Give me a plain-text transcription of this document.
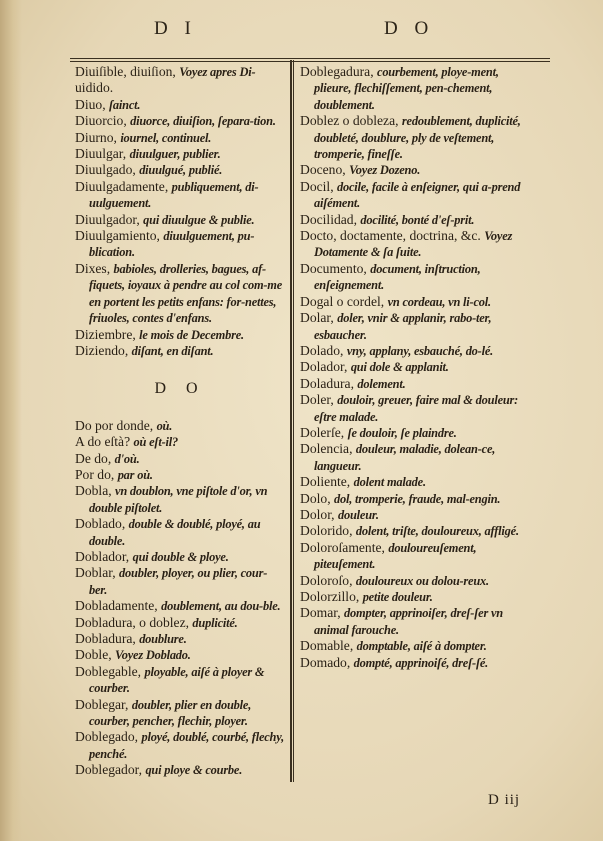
D I	D O

Diuiſible, diuiſion, Voyez apres Di-

uidido.

Diuo, ſainct.

Diuorcio, diuorce, diuiſion, ſepara-tion.

Diurno, iournel, continuel.

Diuulgar, diuulguer, publier.

Diuulgado, diuulgué, publié.

Diuulgadamente, publiquement, di-uulguement.

Diuulgador, qui diuulgue & publie.

Diuulgamiento, diuulguement, pu-blication.

Dixes, babioles, drolleries, bagues, af-fiquets, ioyaux à pendre au col com-me en portent les petits enfans: for-nettes, friuoles, contes d'enfans.

Diziembre, le mois de Decembre.

Diziendo, diſant, en diſant.

D O

Do por donde, où.

A do eſtà? où eſt-il?

De do, d'où.

Por do, par où.

Dobla, vn doublon, vne piſtole d'or, vn double piſtolet.

Doblado, double & doublé, ployé, au double.

Doblador, qui double & ploye.

Doblar, doubler, ployer, ou plier, cour-ber.

Dobladamente, doublement, au dou-ble.

Dobladura, o doblez, duplicité.

Dobladura, doublure.

Doble, Voyez Doblado.

Doblegable, ployable, aiſé à ployer & courber.

Doblegar, doubler, plier en double, courber, pencher, flechir, ployer.

Doblegado, ployé, doublé, courbé, flechy, penché.

Doblegador, qui ploye & courbe.

Doblegadura, courbement, ploye-ment, plieure, flechiſſement, pen-chement, doublement.

Doblez o dobleza, redoublement, duplicité, doubleté, doublure, ply de veſtement, tromperie, fineſſe.

Doceno, Voyez Dozeno.

Docil, docile, facile à enſeigner, qui a-prend aiſément.

Docilidad, docilité, bonté d'eſ-prit.

Docto, doctamente, doctrina, &c. Voyez Dotamente & ſa ſuite.

Documento, document, inſtruction, enſeignement.

Dogal o cordel, vn cordeau, vn li-col.

Dolar, doler, vnir & applanir, rabo-ter, esbaucher.

Dolado, vny, applany, esbauché, do-lé.

Dolador, qui dole & applanit.

Doladura, dolement.

Doler, douloir, greuer, faire mal & douleur: eſtre malade.

Dolerſe, ſe douloir, ſe plaindre.

Dolencia, douleur, maladie, dolean-ce, langueur.

Doliente, dolent malade.

Dolo, dol, tromperie, fraude, mal-engin.

Dolor, douleur.

Dolorido, dolent, triſte, douloureux, affligé.

Doloroſamente, douloureuſement, piteuſement.

Doloroſo, douloureux ou dolou-reux.

Dolorzillo, petite douleur.

Domar, dompter, apprinoiſer, dreſ-ſer vn animal farouche.

Domable, domptable, aiſé à dompter.

Domado, dompté, apprinoiſé, dreſ-ſé.

D iij
